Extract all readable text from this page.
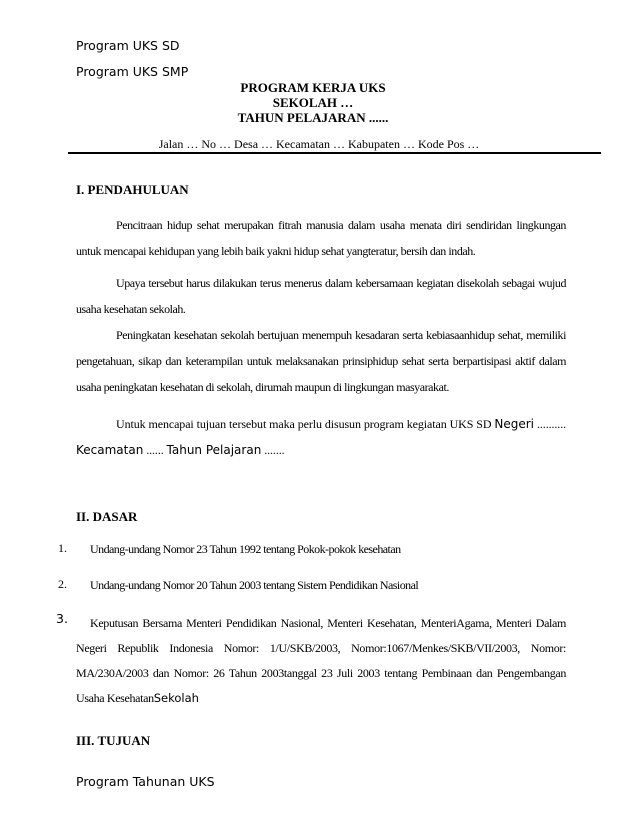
Program UKS SD
Program UKS SMP
PROGRAM KERJA UKS
SEKOLAH …
TAHUN PELAJARAN ......
Jalan … No … Desa … Kecamatan … Kabupaten … Kode Pos …
I. PENDAHULUAN
Pencitraan hidup sehat merupakan fitrah manusia dalam usaha menata diri sendiridan lingkungan untuk mencapai kehidupan yang lebih baik yakni hidup sehat yangteratur, bersih dan indah.
Upaya tersebut harus dilakukan terus menerus dalam kebersamaan kegiatan disekolah sebagai wujud usaha kesehatan sekolah.
Peningkatan kesehatan sekolah bertujuan menempuh kesadaran serta kebiasaanhidup sehat, memiliki pengetahuan, sikap dan keterampilan untuk melaksanakan prinsiphidup sehat serta berpartisipasi aktif dalam usaha peningkatan kesehatan di sekolah, dirumah maupun di lingkungan masyarakat.
Untuk mencapai tujuan tersebut maka perlu disusun program kegiatan UKS SD Negeri .......... Kecamatan ...... Tahun Pelajaran .......
II. DASAR
1. Undang-undang Nomor 23 Tahun 1992 tentang Pokok-pokok kesehatan
2. Undang-undang Nomor 20 Tahun 2003 tentang Sistem Pendidikan Nasional
3.	Keputusan Bersama Menteri Pendidikan Nasional, Menteri Kesehatan, MenteriAgama, Menteri Dalam Negeri Republik Indonesia Nomor: 1/U/SKB/2003, Nomor:1067/Menkes/SKB/VII/2003, Nomor: MA/230A/2003 dan Nomor: 26 Tahun 2003tanggal 23 Juli 2003 tentang Pembinaan dan Pengembangan Usaha KesehatanSekolah
III. TUJUAN
Program Tahunan UKS
